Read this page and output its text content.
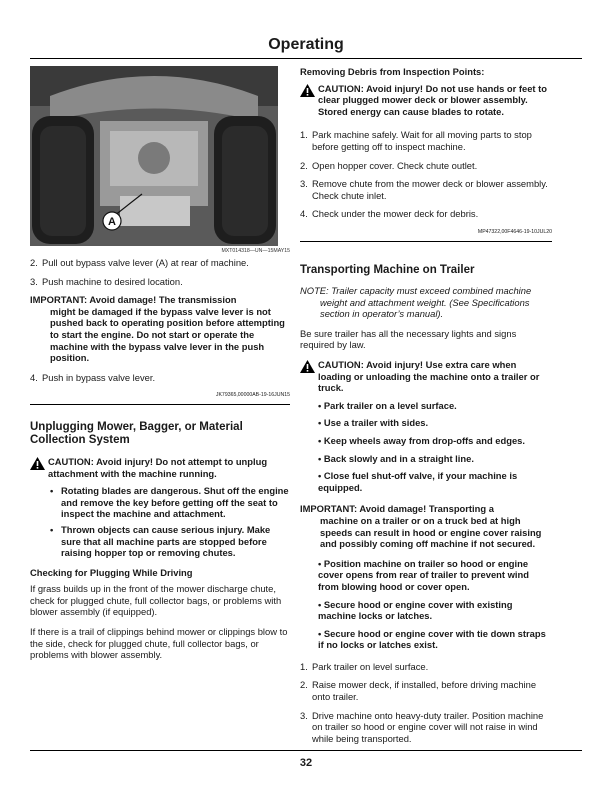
Operating
A
MXT014318—UN—15MAY15
2. Pull out bypass valve lever (A) at rear of machine.
3. Push machine to desired location.
IMPORTANT: Avoid damage! The transmission
might be damaged if the bypass valve lever is not pushed back to operating position before attempting to start the engine. Do not start or operate the machine with the bypass valve lever in the push position.
4. Push in bypass valve lever.
JK79365,00000AB-19-16JUN15
Unplugging Mower, Bagger, or Material Collection System
CAUTION: Avoid injury! Do not attempt to unplug attachment with the machine running.
• Rotating blades are dangerous. Shut off the engine and remove the key before getting off the seat to inspect the machine and attachment.
• Thrown objects can cause serious injury. Make sure that all machine parts are stopped before raising hopper top or removing chutes.
Checking for Plugging While Driving

If grass builds up in the front of the mower discharge chute, check for plugged chute, full collector bags, or problems with blower assembly (if equipped).

If there is a trail of clippings behind mower or clippings blow to the side, check for plugged chute, full collector bags, or problems with blower assembly.

Removing Debris from Inspection Points:
CAUTION: Avoid injury! Do not use hands or feet to clear plugged mower deck or blower assembly. Stored energy can cause blades to rotate.
1. Park machine safely. Wait for all moving parts to stop before getting off to inspect machine.
2. Open hopper cover. Check chute outlet.
3. Remove chute from the mower deck or blower assembly. Check chute inlet.
4. Check under the mower deck for debris.
MP47322,00F4646-19-10JUL20
Transporting Machine on Trailer
NOTE: Trailer capacity must exceed combined machine
weight and attachment weight. (See Specifications section in operator’s manual).

Be sure trailer has all the necessary lights and signs required by law.

CAUTION: Avoid injury! Use extra care when loading or unloading the machine onto a trailer or truck.
• Park trailer on a level surface.
• Use a trailer with sides.
• Keep wheels away from drop-offs and edges.
• Back slowly and in a straight line.
• Close fuel shut-off valve, if your machine is equipped.
IMPORTANT: Avoid damage! Transporting a
machine on a trailer or on a truck bed at high speeds can result in hood or engine cover raising and possibly coming off machine if not secured.
• Position machine on trailer so hood or engine cover opens from rear of trailer to prevent wind from blowing hood or cover open.
• Secure hood or engine cover with existing machine locks or latches.
• Secure hood or engine cover with tie down straps if no locks or latches exist.
1. Park trailer on level surface.
2. Raise mower deck, if installed, before driving machine onto trailer.
3. Drive machine onto heavy-duty trailer. Position machine on trailer so hood or engine cover will not raise in wind while being transported.
32
